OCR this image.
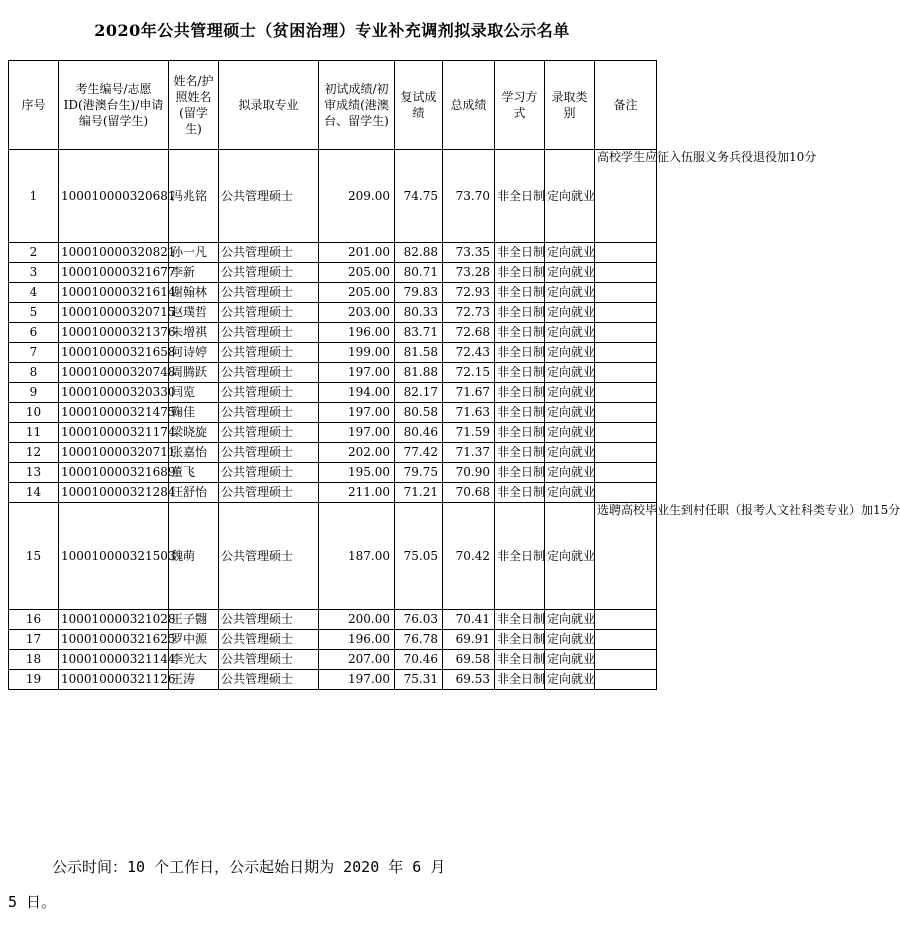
2020年公共管理硕士（贫困治理）专业补充调剂拟录取公示名单
序号	考生编号/志愿ID(港澳台生)/申请编号(留学生)	姓名/护照姓名(留学生)	拟录取专业	初试成绩/初审成绩(港澳台、留学生)	复试成绩	总成绩	学习方式	录取类别	备注
1	100010000320681	冯兆铭	公共管理硕士	209.00	74.75	73.70	非全日制	定向就业	高校学生应征入伍服义务兵役退役加10分
2	100010000320821	孙一凡	公共管理硕士	201.00	82.88	73.35	非全日制	定向就业	
3	100010000321677	李新	公共管理硕士	205.00	80.71	73.28	非全日制	定向就业	
4	100010000321614	谢翰林	公共管理硕士	205.00	79.83	72.93	非全日制	定向就业	
5	100010000320715	赵璞哲	公共管理硕士	203.00	80.33	72.73	非全日制	定向就业	
6	100010000321376	朱增祺	公共管理硕士	196.00	83.71	72.68	非全日制	定向就业	
7	100010000321658	何诗婷	公共管理硕士	199.00	81.58	72.43	非全日制	定向就业	
8	100010000320748	周腾跃	公共管理硕士	197.00	81.88	72.15	非全日制	定向就业	
9	100010000320330	闫览	公共管理硕士	194.00	82.17	71.67	非全日制	定向就业	
10	100010000321475	鞠佳	公共管理硕士	197.00	80.58	71.63	非全日制	定向就业	
11	100010000321174	梁晓旋	公共管理硕士	197.00	80.46	71.59	非全日制	定向就业	
12	100010000320711	张嘉怡	公共管理硕士	202.00	77.42	71.37	非全日制	定向就业	
13	100010000321689	董飞	公共管理硕士	195.00	79.75	70.90	非全日制	定向就业	
14	100010000321284	汪舒怡	公共管理硕士	211.00	71.21	70.68	非全日制	定向就业	
15	100010000321503	魏萌	公共管理硕士	187.00	75.05	70.42	非全日制	定向就业	选聘高校毕业生到村任职（报考人文社科类专业）加15分
16	100010000321028	王子翾	公共管理硕士	200.00	76.03	70.41	非全日制	定向就业	
17	100010000321625	罗中源	公共管理硕士	196.00	76.78	69.91	非全日制	定向就业	
18	100010000321144	李光大	公共管理硕士	207.00	70.46	69.58	非全日制	定向就业	
19	100010000321126	王涛	公共管理硕士	197.00	75.31	69.53	非全日制	定向就业	
公示时间：10 个工作日，公示起始日期为 2020 年 6 月
5 日。
